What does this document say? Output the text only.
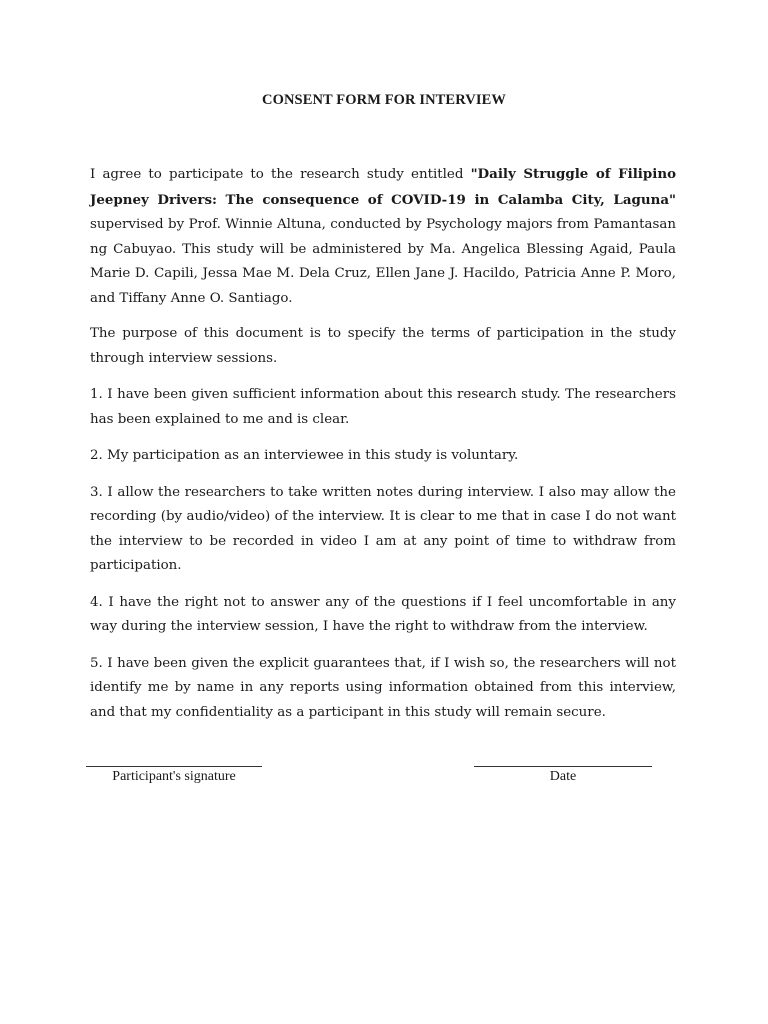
CONSENT FORM FOR INTERVIEW

I agree to participate to the research study entitled "Daily Struggle of Filipino Jeepney Drivers: The consequence of COVID-19 in Calamba City, Laguna" supervised by Prof. Winnie Altuna, conducted by Psychology majors from Pamantasan ng Cabuyao. This study will be administered by Ma. Angelica Blessing Agaid, Paula Marie D. Capili, Jessa Mae M. Dela Cruz, Ellen Jane J. Hacildo, Patricia Anne P. Moro, and Tiffany Anne O. Santiago.

The purpose of this document is to specify the terms of participation in the study through interview sessions.

1. I have been given sufficient information about this research study. The researchers has been explained to me and is clear.

2. My participation as an interviewee in this study is voluntary.

3. I allow the researchers to take written notes during interview. I also may allow the recording (by audio/video) of the interview. It is clear to me that in case I do not want the interview to be recorded in video I am at any point of time to withdraw from participation.

4. I have the right not to answer any of the questions if I feel uncomfortable in any way during the interview session, I have the right to withdraw from the interview.

5. I have been given the explicit guarantees that, if I wish so, the researchers will not identify me by name in any reports using information obtained from this interview, and that my confidentiality as a participant in this study will remain secure.

Participant's signature	Date
